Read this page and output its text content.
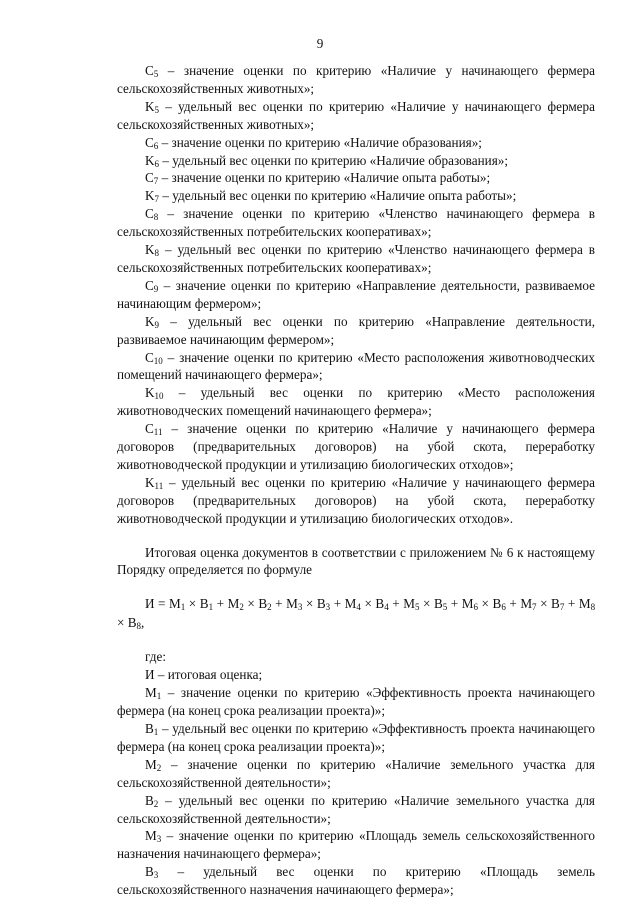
9

$C_5$ – значение оценки по критерию «Наличие у начинающего фермера сельскохозяйственных животных»;

$K_5$ – удельный вес оценки по критерию «Наличие у начинающего фермера сельскохозяйственных животных»;

$C_6$ – значение оценки по критерию «Наличие образования»;

$K_6$ – удельный вес оценки по критерию «Наличие образования»;

$C_7$ – значение оценки по критерию «Наличие опыта работы»;

$K_7$ – удельный вес оценки по критерию «Наличие опыта работы»;

$C_8$ – значение оценки по критерию «Членство начинающего фермера в сельскохозяйственных потребительских кооперативах»;

$K_8$ – удельный вес оценки по критерию «Членство начинающего фермера в сельскохозяйственных потребительских кооперативах»;

$C_9$ – значение оценки по критерию «Направление деятельности, развиваемое начинающим фермером»;

$K_9$ – удельный вес оценки по критерию «Направление деятельности, развиваемое начинающим фермером»;

$C_{10}$ – значение оценки по критерию «Место расположения животноводческих помещений начинающего фермера»;

$K_{10}$ – удельный вес оценки по критерию «Место расположения животноводческих помещений начинающего фермера»;

$C_{11}$ – значение оценки по критерию «Наличие у начинающего фермера договоров (предварительных договоров) на убой скота, переработку животноводческой продукции и утилизацию биологических отходов»;

$K_{11}$ – удельный вес оценки по критерию «Наличие у начинающего фермера договоров (предварительных договоров) на убой скота, переработку животноводческой продукции и утилизацию биологических отходов».

Итоговая оценка документов в соответствии с приложением № 6 к настоящему Порядку определяется по формуле

$И = М_1 \times В_1 + М_2 \times В_2 + М_3 \times В_3 + М_4 \times В_4 + М_5 \times В_5 + М_6 \times В_6 + М_7 \times В_7 + М_8 \times В_8$,

где:

И – итоговая оценка;

$М_1$ – значение оценки по критерию «Эффективность проекта начинающего фермера (на конец срока реализации проекта)»;

$В_1$ – удельный вес оценки по критерию «Эффективность проекта начинающего фермера (на конец срока реализации проекта)»;

$М_2$ – значение оценки по критерию «Наличие земельного участка для сельскохозяйственной деятельности»;

$В_2$ – удельный вес оценки по критерию «Наличие земельного участка для сельскохозяйственной деятельности»;

$М_3$ – значение оценки по критерию «Площадь земель сельскохозяйственного назначения начинающего фермера»;

$В_3$ – удельный вес оценки по критерию «Площадь земель сельскохозяйственного назначения начинающего фермера»;
